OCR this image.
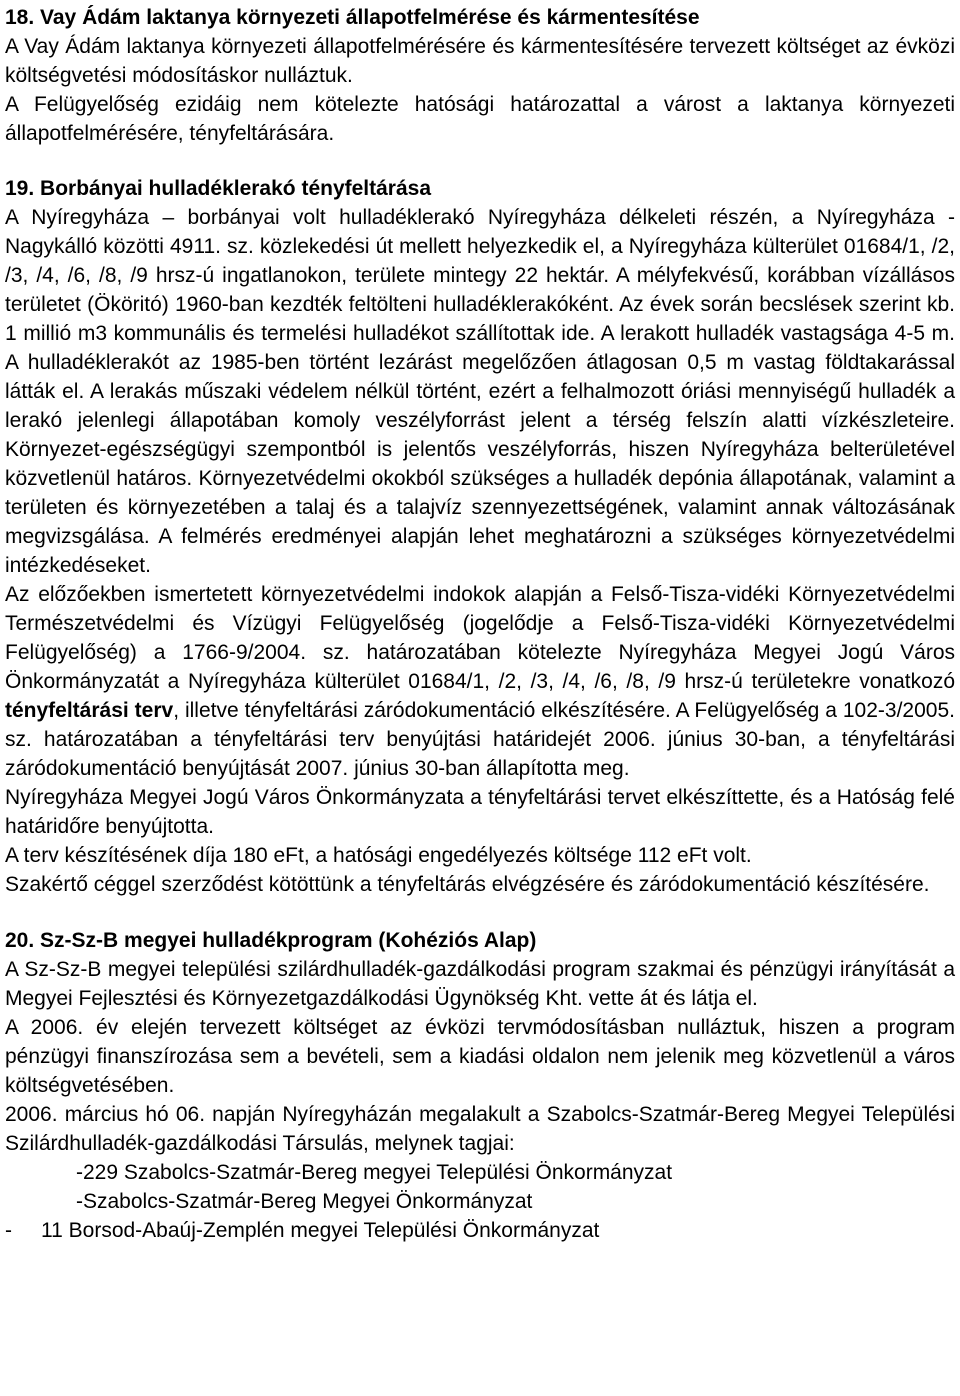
18. Vay Ádám laktanya környezeti állapotfelmérése és kármentesítése

A Vay Ádám laktanya környezeti állapotfelmérésére és kármentesítésére tervezett költséget az évközi költségvetési módosításkor nulláztuk.

A Felügyelőség ezidáig nem kötelezte hatósági határozattal a várost a laktanya környezeti állapotfelmérésére, tényfeltárására.

19. Borbányai hulladéklerakó tényfeltárása

A Nyíregyháza – borbányai volt hulladéklerakó Nyíregyháza délkeleti részén, a Nyíregyháza - Nagykálló közötti 4911. sz. közlekedési út mellett helyezkedik el, a Nyíregyháza külterület 01684/1, /2, /3, /4, /6, /8, /9 hrsz-ú ingatlanokon, területe mintegy 22 hektár. A mélyfekvésű, korábban vízállásos területet (Ököritó) 1960-ban kezdték feltölteni hulladéklerakóként. Az évek során becslések szerint kb. 1 millió m3 kommunális és termelési hulladékot szállítottak ide. A lerakott hulladék vastagsága 4-5 m. A hulladéklerakót az 1985-ben történt lezárást megelőzően átlagosan 0,5 m vastag földtakarással látták el. A lerakás műszaki védelem nélkül történt, ezért a felhalmozott óriási mennyiségű hulladék a lerakó jelenlegi állapotában komoly veszélyforrást jelent a térség felszín alatti vízkészleteire. Környezet-egészségügyi szempontból is jelentős veszélyforrás, hiszen Nyíregyháza belterületével közvetlenül határos. Környezetvédelmi okokból szükséges a hulladék depónia állapotának, valamint a területen és környezetében a talaj és a talajvíz szennyezettségének, valamint annak változásának megvizsgálása. A felmérés eredményei alapján lehet meghatározni a szükséges környezetvédelmi intézkedéseket.

Az előzőekben ismertetett környezetvédelmi indokok alapján a Felső-Tisza-vidéki Környezetvédelmi Természetvédelmi és Vízügyi Felügyelőség (jogelődje a Felső-Tisza-vidéki Környezetvédelmi Felügyelőség) a 1766-9/2004. sz. határozatában kötelezte Nyíregyháza Megyei Jogú Város Önkormányzatát a Nyíregyháza külterület 01684/1, /2, /3, /4, /6, /8, /9 hrsz-ú területekre vonatkozó tényfeltárási terv, illetve tényfeltárási záródokumentáció elkészítésére. A Felügyelőség a 102-3/2005. sz. határozatában a tényfeltárási terv benyújtási határidejét 2006. június 30-ban, a tényfeltárási záródokumentáció benyújtását 2007. június 30-ban állapította meg.

Nyíregyháza Megyei Jogú Város Önkormányzata a tényfeltárási tervet elkészíttette, és a Hatóság felé határidőre benyújtotta.

A terv készítésének díja 180 eFt, a hatósági engedélyezés költsége 112 eFt volt.

Szakértő céggel szerződést kötöttünk a tényfeltárás elvégzésére és záródokumentáció készítésére.

20. Sz-Sz-B megyei hulladékprogram (Kohéziós Alap)

A Sz-Sz-B megyei települési szilárdhulladék-gazdálkodási program szakmai és pénzügyi irányítását a Megyei Fejlesztési és Környezetgazdálkodási Ügynökség Kht. vette át és látja el.

A 2006. év elején tervezett költséget az évközi tervmódosításban nulláztuk, hiszen a program pénzügyi finanszírozása sem a bevételi, sem a kiadási oldalon nem jelenik meg közvetlenül a város költségvetésében.

2006. március hó 06. napján Nyíregyházán megalakult a Szabolcs-Szatmár-Bereg Megyei Települési Szilárdhulladék-gazdálkodási Társulás, melynek tagjai:

-229 Szabolcs-Szatmár-Bereg megyei Települési Önkormányzat

-Szabolcs-Szatmár-Bereg Megyei Önkormányzat

- 11 Borsod-Abaúj-Zemplén megyei Települési Önkormányzat
